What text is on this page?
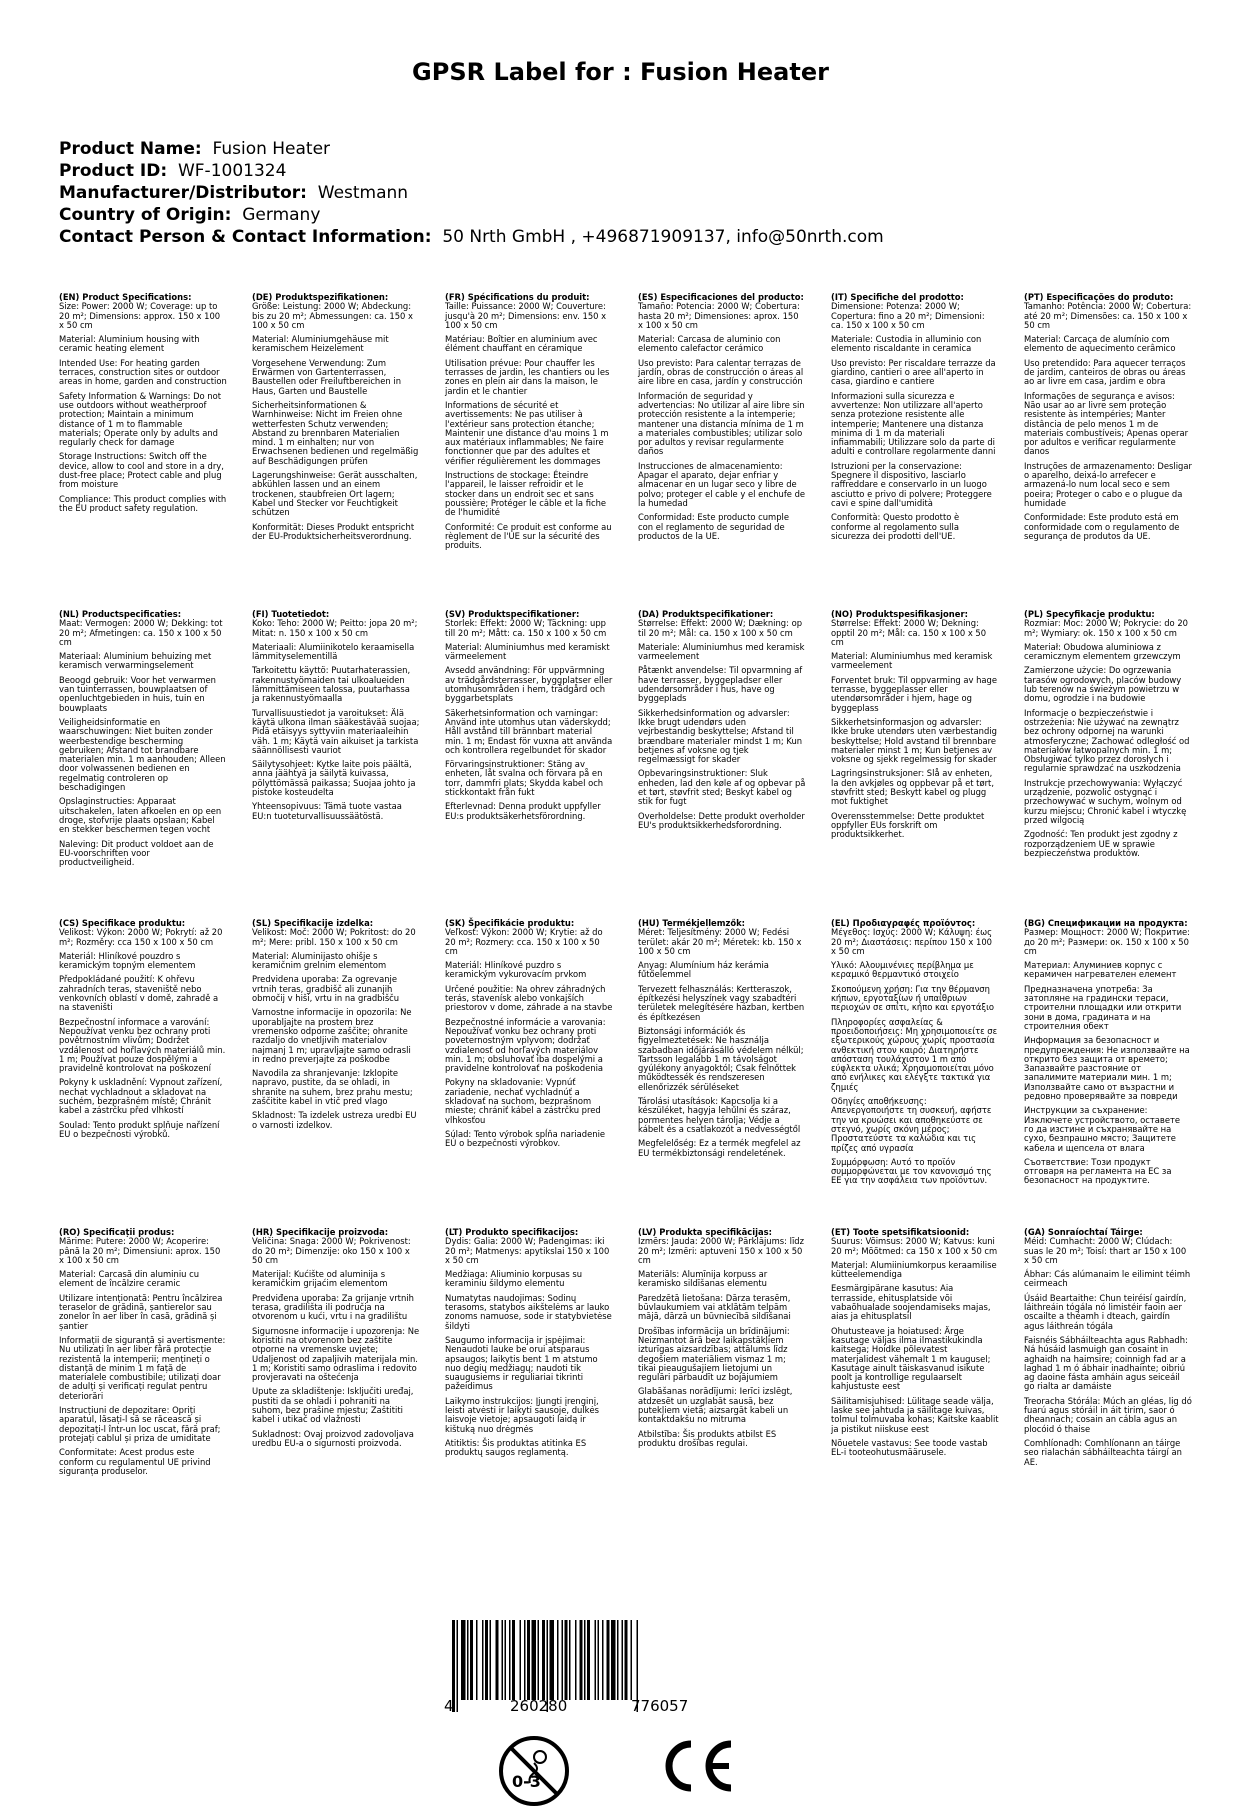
GPSR Label for : Fusion Heater
Product Name: Fusion Heater
Product ID: WF-1001324
Manufacturer/Distributor: Westmann
Country of Origin: Germany
Contact Person & Contact Information: 50 Nrth GmbH , +496871909137, info@50nrth.com
(EN) Product Specifications:

Size: Power: 2000 W; Coverage: up to 20 m²; Dimensions: approx. 150 x 100 x 50 cm

Material: Aluminium housing with ceramic heating element

Intended Use: For heating garden terraces, construction sites or outdoor areas in home, garden and construction

Safety Information & Warnings: Do not use outdoors without weatherproof protection; Maintain a minimum distance of 1 m to flammable materials; Operate only by adults and regularly check for damage

Storage Instructions: Switch off the device, allow to cool and store in a dry, dust-free place; Protect cable and plug from moisture

Compliance: This product complies with the EU product safety regulation.

(DE) Produktspezifikationen:

Größe: Leistung: 2000 W; Abdeckung: bis zu 20 m²; Abmessungen: ca. 150 x 100 x 50 cm

Material: Aluminiumgehäuse mit keramischem Heizelement

Vorgesehene Verwendung: Zum Erwärmen von Gartenterrassen, Baustellen oder Freiluftbereichen in Haus, Garten und Baustelle

Sicherheitsinformationen & Warnhinweise: Nicht im Freien ohne wetterfesten Schutz verwenden; Abstand zu brennbaren Materialien mind. 1 m einhalten; nur von Erwachsenen bedienen und regelmäßig auf Beschädigungen prüfen

Lagerungshinweise: Gerät ausschalten, abkühlen lassen und an einem trockenen, staubfreien Ort lagern; Kabel und Stecker vor Feuchtigkeit schützen

Konformität: Dieses Produkt entspricht der EU-Produktsicherheitsverordnung.

(FR) Spécifications du produit:

Taille: Puissance: 2000 W; Couverture: jusqu'à 20 m²; Dimensions: env. 150 x 100 x 50 cm

Matériau: Boîtier en aluminium avec élément chauffant en céramique

Utilisation prévue: Pour chauffer les terrasses de jardin, les chantiers ou les zones en plein air dans la maison, le jardin et le chantier

Informations de sécurité et avertissements: Ne pas utiliser à l'extérieur sans protection étanche; Maintenir une distance d'au moins 1 m aux matériaux inflammables; Ne faire fonctionner que par des adultes et vérifier régulièrement les dommages

Instructions de stockage: Éteindre l'appareil, le laisser refroidir et le stocker dans un endroit sec et sans poussière; Protéger le câble et la fiche de l'humidité

Conformité: Ce produit est conforme au règlement de l'UE sur la sécurité des produits.

(ES) Especificaciones del producto:

Tamaño: Potencia: 2000 W; Cobertura: hasta 20 m²; Dimensiones: aprox. 150 x 100 x 50 cm

Material: Carcasa de aluminio con elemento calefactor cerámico

Uso previsto: Para calentar terrazas de jardín, obras de construcción o áreas al aire libre en casa, jardín y construcción

Información de seguridad y advertencias: No utilizar al aire libre sin protección resistente a la intemperie; mantener una distancia mínima de 1 m a materiales combustibles; utilizar solo por adultos y revisar regularmente daños

Instrucciones de almacenamiento: Apagar el aparato, dejar enfriar y almacenar en un lugar seco y libre de polvo; proteger el cable y el enchufe de la humedad

Conformidad: Este producto cumple con el reglamento de seguridad de productos de la UE.

(IT) Specifiche del prodotto:

Dimensione: Potenza: 2000 W; Copertura: fino a 20 m²; Dimensioni: ca. 150 x 100 x 50 cm

Materiale: Custodia in alluminio con elemento riscaldante in ceramica

Uso previsto: Per riscaldare terrazze da giardino, cantieri o aree all'aperto in casa, giardino e cantiere

Informazioni sulla sicurezza e avvertenze: Non utilizzare all'aperto senza protezione resistente alle intemperie; Mantenere una distanza minima di 1 m da materiali infiammabili; Utilizzare solo da parte di adulti e controllare regolarmente danni

Istruzioni per la conservazione: Spegnere il dispositivo, lasciarlo raffreddare e conservarlo in un luogo asciutto e privo di polvere; Proteggere cavi e spine dall'umidità

Conformità: Questo prodotto è conforme al regolamento sulla sicurezza dei prodotti dell'UE.

(PT) Especificações do produto:

Tamanho: Potência: 2000 W; Cobertura: até 20 m²; Dimensões: ca. 150 x 100 x 50 cm

Material: Carcaça de alumínio com elemento de aquecimento cerâmico

Uso pretendido: Para aquecer terraços de jardim, canteiros de obras ou áreas ao ar livre em casa, jardim e obra

Informações de segurança e avisos: Não usar ao ar livre sem proteção resistente às intempéries; Manter distância de pelo menos 1 m de materiais combustíveis; Apenas operar por adultos e verificar regularmente danos

Instruções de armazenamento: Desligar o aparelho, deixá-lo arrefecer e armazená-lo num local seco e sem poeira; Proteger o cabo e o plugue da humidade

Conformidade: Este produto está em conformidade com o regulamento de segurança de produtos da UE.

(NL) Productspecificaties:

Maat: Vermogen: 2000 W; Dekking: tot 20 m²; Afmetingen: ca. 150 x 100 x 50 cm

Materiaal: Aluminium behuizing met keramisch verwarmingselement

Beoogd gebruik: Voor het verwarmen van tuinterrassen, bouwplaatsen of openluchtgebieden in huis, tuin en bouwplaats

Veiligheidsinformatie en waarschuwingen: Niet buiten zonder weerbestendige bescherming gebruiken; Afstand tot brandbare materialen min. 1 m aanhouden; Alleen door volwassenen bedienen en regelmatig controleren op beschadigingen

Opslaginstructies: Apparaat uitschakelen, laten afkoelen en op een droge, stofvrije plaats opslaan; Kabel en stekker beschermen tegen vocht

Naleving: Dit product voldoet aan de EU-voorschriften voor productveiligheid.

(FI) Tuotetiedot:

Koko: Teho: 2000 W; Peitto: jopa 20 m²; Mitat: n. 150 x 100 x 50 cm

Materiaali: Alumiinikotelo keraamisella lämmityselementillä

Tarkoitettu käyttö: Puutarhaterassien, rakennustyömaiden tai ulkoalueiden lämmittämiseen talossa, puutarhassa ja rakennustyömaalla

Turvallisuustiedot ja varoitukset: Älä käytä ulkona ilman sääkestävää suojaa; Pidä etäisyys syttyviin materiaaleihin väh. 1 m; Käytä vain aikuiset ja tarkista säännöllisesti vauriot

Säilytysohjeet: Kytke laite pois päältä, anna jäähtyä ja säilytä kuivassa, pölyttömässä paikassa; Suojaa johto ja pistoke kosteudelta

Yhteensopivuus: Tämä tuote vastaa EU:n tuoteturvallisuussäätöstä.

(SV) Produktspecifikationer:

Storlek: Effekt: 2000 W; Täckning: upp till 20 m²; Mått: ca. 150 x 100 x 50 cm

Material: Aluminiumhus med keramiskt värmeelement

Avsedd användning: För uppvärmning av trädgårdsterrasser, byggplatser eller utomhusområden i hem, trädgård och byggarbetsplats

Säkerhetsinformation och varningar: Använd inte utomhus utan väderskydd; Håll avstånd till brännbart material min. 1 m; Endast för vuxna att använda och kontrollera regelbundet för skador

Förvaringsinstruktioner: Stäng av enheten, låt svalna och förvara på en torr, dammfri plats; Skydda kabel och stickkontakt från fukt

Efterlevnad: Denna produkt uppfyller EU:s produktsäkerhetsförordning.

(DA) Produktspecifikationer:

Størrelse: Effekt: 2000 W; Dækning: op til 20 m²; Mål: ca. 150 x 100 x 50 cm

Materiale: Aluminiumhus med keramisk varmeelement

Påtænkt anvendelse: Til opvarmning af have terrasser, byggepladser eller udendørsområder i hus, have og byggeplads

Sikkerhedsinformation og advarsler: Ikke brugt udendørs uden vejrbestandig beskyttelse; Afstand til brændbare materialer mindst 1 m; Kun betjenes af voksne og tjek regelmæssigt for skader

Opbevaringsinstruktioner: Sluk enheden, lad den køle af og opbevar på et tørt, støvfrit sted; Beskyt kabel og stik for fugt

Overholdelse: Dette produkt overholder EU's produktsikkerhedsforordning.

(NO) Produktspesifikasjoner:

Størrelse: Effekt: 2000 W; Dekning: opptil 20 m²; Mål: ca. 150 x 100 x 50 cm

Material: Aluminiumhus med keramisk varmeelement

Forventet bruk: Til oppvarming av hage terrasse, byggeplasser eller utendørsområder i hjem, hage og byggeplass

Sikkerhetsinformasjon og advarsler: Ikke bruke utendørs uten værbestandig beskyttelse; Hold avstand til brennbare materialer minst 1 m; Kun betjenes av voksne og sjekk regelmessig for skader

Lagringsinstruksjoner: Slå av enheten, la den avkjøles og oppbevar på et tørt, støvfritt sted; Beskytt kabel og plugg mot fuktighet

Overensstemmelse: Dette produktet oppfyller EUs forskrift om produktsikkerhet.

(PL) Specyfikacje produktu:

Rozmiar: Moc: 2000 W; Pokrycie: do 20 m²; Wymiary: ok. 150 x 100 x 50 cm

Materiał: Obudowa aluminiowa z ceramicznym elementem grzewczym

Zamierzone użycie: Do ogrzewania tarasów ogrodowych, placów budowy lub terenów na świeżym powietrzu w domu, ogrodzie i na budowie

Informacje o bezpieczeństwie i ostrzeżenia: Nie używać na zewnątrz bez ochrony odpornej na warunki atmosferyczne; Zachować odległość od materiałów łatwopalnych min. 1 m; Obsługiwać tylko przez dorosłych i regularnie sprawdzać na uszkodzenia

Instrukcje przechowywania: Wyłączyć urządzenie, pozwolić ostygnąć i przechowywać w suchym, wolnym od kurzu miejscu; Chronić kabel i wtyczkę przed wilgocią

Zgodność: Ten produkt jest zgodny z rozporządzeniem UE w sprawie bezpieczeństwa produktów.

(CS) Specifikace produktu:

Velikost: Výkon: 2000 W; Pokrytí: až 20 m²; Rozměry: cca 150 x 100 x 50 cm

Materiál: Hliníkové pouzdro s keramickým topným elementem

Předpokládané použití: K ohřevu zahradních teras, staveniště nebo venkovních oblastí v domě, zahradě a na staveništi

Bezpečnostní informace a varování: Nepoužívat venku bez ochrany proti povětrnostním vlivům; Dodržet vzdálenost od hořlavých materiálů min. 1 m; Používat pouze dospělými a pravidelně kontrolovat na poškození

Pokyny k uskladnění: Vypnout zařízení, nechat vychladnout a skladovat na suchém, bezprašném místě; Chránit kabel a zástrčku před vlhkostí

Soulad: Tento produkt splňuje nařízení EU o bezpečnosti výrobků.

(SL) Specifikacije izdelka:

Velikost: Moč: 2000 W; Pokritost: do 20 m²; Mere: pribl. 150 x 100 x 50 cm

Material: Aluminijasto ohišje s keramičnim grelnim elementom

Predvidena uporaba: Za ogrevanje vrtnih teras, gradbišč ali zunanjih območij v hiši, vrtu in na gradbišču

Varnostne informacije in opozorila: Ne uporabljajte na prostem brez vremensko odporne zaščite; ohranite razdaljo do vnetljivih materialov najmanj 1 m; upravljajte samo odrasli in redno preverjajte za poškodbe

Navodila za shranjevanje: Izklopite napravo, pustite, da se ohladi, in shranite na suhem, brez prahu mestu; zaščitite kabel in vtič pred vlago

Skladnost: Ta izdelek ustreza uredbi EU o varnosti izdelkov.

(SK) Špecifikácie produktu:

Veľkosť: Výkon: 2000 W; Krytie: až do 20 m²; Rozmery: cca. 150 x 100 x 50 cm

Materiál: Hliníkové puzdro s keramickým vykurovacím prvkom

Určené použitie: Na ohrev záhradných terás, stavenísk alebo vonkajších priestorov v dome, záhrade a na stavbe

Bezpečnostné informácie a varovania: Nepoužívať vonku bez ochrany proti poveternostným vplyvom; dodržať vzdialenosť od horľavých materiálov min. 1 m; obsluhovať iba dospelými a pravidelne kontrolovať na poškodenia

Pokyny na skladovanie: Vypnúť zariadenie, nechať vychladnúť a skladovať na suchom, bezprašnom mieste; chrániť kábel a zástrčku pred vlhkosťou

Súlad: Tento výrobok spĺňa nariadenie EÚ o bezpečnosti výrobkov.

(HU) Termékjellemzők:

Méret: Teljesítmény: 2000 W; Fedési terület: akár 20 m²; Méretek: kb. 150 x 100 x 50 cm

Anyag: Alumínium ház kerámia fűtőelemmel

Tervezett felhasználás: Kertteraszok, építkezési helyszínek vagy szabadtéri területek melegítésére házban, kertben és építkezésen

Biztonsági információk és figyelmeztetések: Ne használja szabadban időjárásálló védelem nélkül; Tartsson legalább 1 m távolságot gyúlékony anyagoktól; Csak felnőttek működtessék és rendszeresen ellenőrizzék sérüléseket

Tárolási utasítások: Kapcsolja ki a készüléket, hagyja lehűlni és száraz, pormentes helyen tárolja; Védje a kábelt és a csatlakozót a nedvességtől

Megfelelőség: Ez a termék megfelel az EU termékbiztonsági rendeletének.

(EL) Προδιαγραφές προϊόντος:

Μέγεθος: Ισχύς: 2000 W; Κάλυψη: έως 20 m²; Διαστάσεις: περίπου 150 x 100 x 50 cm

Υλικό: Αλουμινένιες περίβλημα με κεραμικό θερμαντικό στοιχείο

Σκοπούμενη χρήση: Για την θέρμανση κήπων, εργοταξίων ή υπαίθριων περιοχών σε σπίτι, κήπο και εργοτάξιο

Πληροφορίες ασφαλείας & προειδοποιήσεις: Μη χρησιμοποιείτε σε εξωτερικούς χώρους χωρίς προστασία ανθεκτική στον καιρό; Διατηρήστε απόσταση τουλάχιστον 1 m από εύφλεκτα υλικά; Χρησιμοποιείται μόνο από ενήλικες και ελέγξτε τακτικά για ζημιές

Οδηγίες αποθήκευσης: Απενεργοποιήστε τη συσκευή, αφήστε την να κρυώσει και αποθηκεύστε σε στεγνό, χωρίς σκόνη μέρος; Προστατεύστε τα καλώδια και τις πρίζες από υγρασία

Συμμόρφωση: Αυτό το προϊόν συμμορφώνεται με τον κανονισμό της ΕΕ για την ασφάλεια των προϊόντων.

(BG) Спецификации на продукта:

Размер: Мощност: 2000 W; Покритие: до 20 m²; Размери: ок. 150 x 100 x 50 cm

Материал: Алуминиев корпус с керамичен нагревателен елемент

Предназначена употреба: За затопляне на градински тераси, строителни площадки или открити зони в дома, градината и на строителния обект

Информация за безопасност и предупреждения: Не използвайте на открито без защита от времето; Запазвайте разстояние от запалимите материали мин. 1 m; Използвайте само от възрастни и редовно проверявайте за повреди

Инструкции за съхранение: Изключете устройството, оставете го да изстине и съхранявайте на сухо, безпрашно място; Защитете кабела и щепсела от влага

Съответствие: Този продукт отговаря на регламента на ЕС за безопасност на продуктите.

(RO) Specificații produs:

Mărime: Putere: 2000 W; Acoperire: până la 20 m²; Dimensiuni: aprox. 150 x 100 x 50 cm

Material: Carcasă din aluminiu cu element de încălzire ceramic

Utilizare intenționată: Pentru încălzirea teraselor de grădină, șantierelor sau zonelor în aer liber în casă, grădină și șantier

Informații de siguranță și avertismente: Nu utilizați în aer liber fără protecție rezistentă la intemperii; mențineți o distanță de minim 1 m față de materialele combustibile; utilizați doar de adulți și verificați regulat pentru deteriorări

Instrucțiuni de depozitare: Opriți aparatul, lăsați-l să se răcească și depozitați-l într-un loc uscat, fără praf; protejați cablul și priza de umiditate

Conformitate: Acest produs este conform cu regulamentul UE privind siguranța produselor.

(HR) Specifikacije proizvoda:

Veličina: Snaga: 2000 W; Pokrivenost: do 20 m²; Dimenzije: oko 150 x 100 x 50 cm

Materijal: Kućište od aluminija s keramičkim grijaćim elementom

Predviđena uporaba: Za grijanje vrtnih terasa, gradilišta ili područja na otvorenom u kući, vrtu i na gradilištu

Sigurnosne informacije i upozorenja: Ne koristiti na otvorenom bez zaštite otporne na vremenske uvjete; Udaljenost od zapaljivih materijala min. 1 m; Koristiti samo odraslima i redovito provjeravati na oštećenja

Upute za skladištenje: Isključiti uređaj, pustiti da se ohladi i pohraniti na suhom, bez prašine mjestu; Zaštititi kabel i utikač od vlažnosti

Sukladnost: Ovaj proizvod zadovoljava uredbu EU-a o sigurnosti proizvoda.

(LT) Produkto specifikacijos:

Dydis: Galia: 2000 W; Padengimas: iki 20 m²; Matmenys: apytikslai 150 x 100 x 50 cm

Medžiaga: Aliuminio korpusas su keraminiu šildymo elementu

Numatytas naudojimas: Sodinų terasoms, statybos aikštelėms ar lauko zonoms namuose, sode ir statybvietėse šildyti

Saugumo informacija ir įspėjimai: Nenaudoti lauke be orui atsparaus apsaugos; laikytis bent 1 m atstumo nuo degių medžiagų; naudoti tik suaugusiems ir reguliariai tikrinti pažeidimus

Laikymo instrukcijos: Įjungti įrenginį, leisti atvėsti ir laikyti sausoje, dulkės laisvoje vietoje; apsaugoti laidą ir kištuką nuo drėgmės

Atitiktis: Šis produktas atitinka ES produktų saugos reglamentą.

(LV) Produkta specifikācijas:

Izmērs: Jauda: 2000 W; Pārklājums: līdz 20 m²; Izmēri: aptuveni 150 x 100 x 50 cm

Materiāls: Alumīnija korpuss ar keramisko sildīšanas elementu

Paredzētā lietošana: Dārza terasēm, būvlaukumiem vai atklātām telpām mājā, dārzā un būvniecībā sildīšanai

Drošības informācija un brīdinājumi: Neizmantot ārā bez laikapstākļiem izturīgas aizsardzības; attālums līdz degošiem materiāliem vismaz 1 m; tikai pieaugušajiem lietojumi un regulāri pārbaudīt uz bojājumiem

Glabāšanas norādījumi: Ierīci izslēgt, atdzesēt un uzglabāt sausā, bez putekļiem vietā; aizsargāt kabeli un kontaktdakšu no mitruma

Atbilstība: Šis produkts atbilst ES produktu drošības regulai.

(ET) Toote spetsifikatsioonid:

Suurus: Võimsus: 2000 W; Katvus: kuni 20 m²; Mõõtmed: ca 150 x 100 x 50 cm

Materjal: Alumiiniumkorpus keraamilise kütteelemendiga

Eesmärgipärane kasutus: Aia terrasside, ehitusplatside või vabaõhualade soojendamiseks majas, aias ja ehitusplatsil

Ohutusteave ja hoiatused: Ärge kasutage väljas ilma ilmastikukindla kaitsega; Hoidke põlevatest materjalidest vähemalt 1 m kaugusel; Kasutage ainult täiskasvanud isikute poolt ja kontrollige regulaarselt kahjustuste eest

Säilitamisjuhised: Lülitage seade välja, laske see jahtuda ja säilitage kuivas, tolmul tolmuvaba kohas; Kaitske kaablit ja pistikut niiskuse eest

Nõuetele vastavus: See toode vastab EL-i tooteohutusmäärusele.

(GA) Sonraíochtaí Táirge:

Méid: Cumhacht: 2000 W; Clúdach: suas le 20 m²; Toisí: thart ar 150 x 100 x 50 cm

Ábhar: Cás alúmanaim le eilimint téimh ceirmeach

Úsáid Beartaithe: Chun teiréisí gairdín, láithreáin tógála nó limistéir faoin aer oscailte a théamh i dteach, gairdín agus láithreán tógála

Faisnéis Sábháilteachta agus Rabhadh: Ná húsáid lasmuigh gan cosaint in aghaidh na haimsire; coinnigh fad ar a laghad 1 m ó ábhair inadhainte; oibriú ag daoine fásta amháin agus seiceáil go rialta ar damáiste

Treoracha Stórála: Múch an gléas, lig dó fuarú agus stóráil in áit tirim, saor ó dheannach; cosain an cábla agus an plocóid ó thaise

Comhlíonadh: Comhlíonann an táirge seo rialachán sábháilteachta táirgí an AE.

4	260280	776057
0-3
